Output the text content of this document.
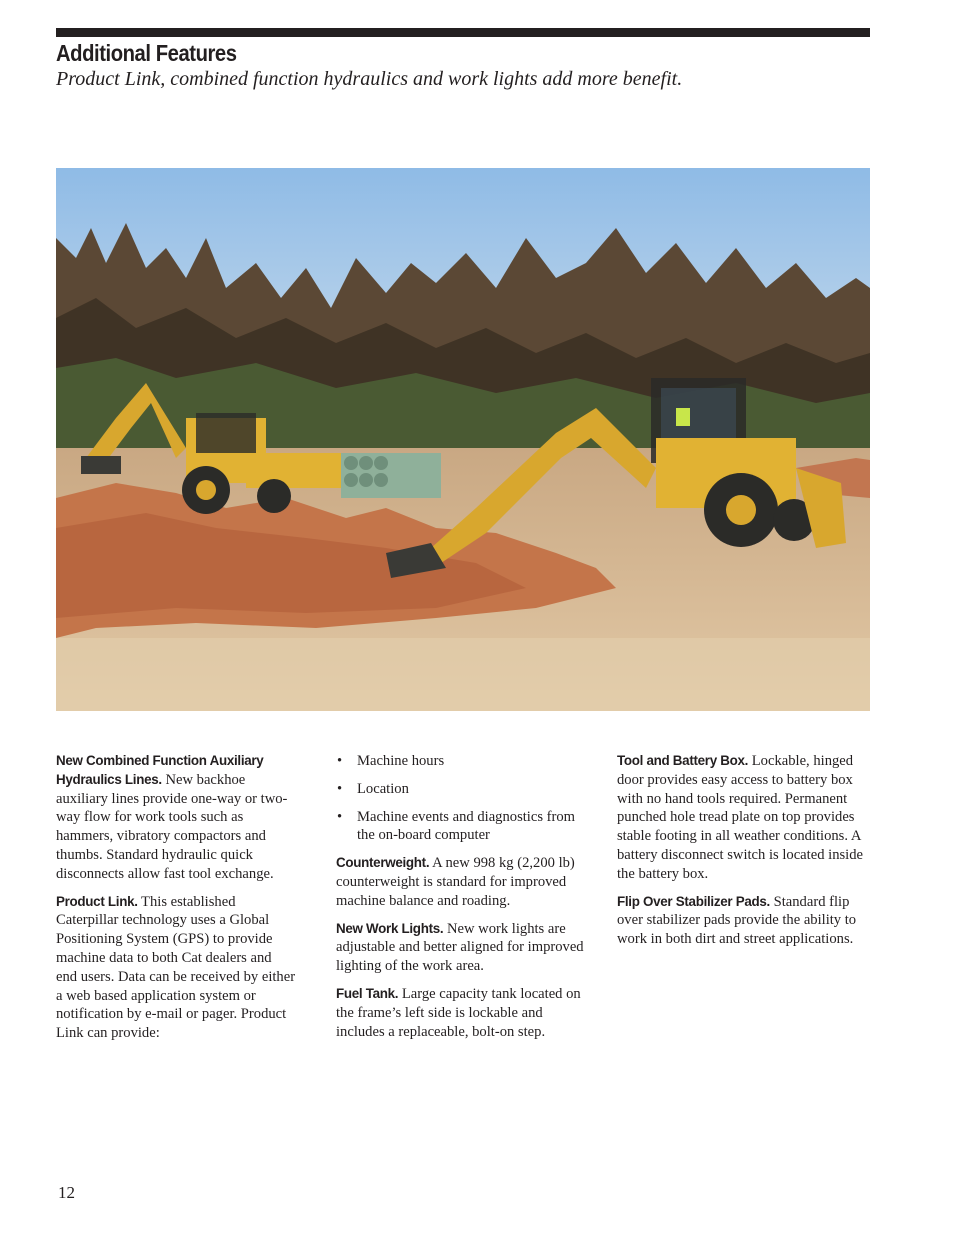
Additional Features

Product Link, combined function hydraulics and work lights add more benefit.

New Combined Function Auxiliary Hydraulics Lines. New backhoe auxiliary lines provide one-way or two-way flow for work tools such as hammers, vibratory compactors and thumbs. Standard hydraulic quick disconnects allow fast tool exchange.

Product Link. This established Caterpillar technology uses a Global Positioning System (GPS) to provide machine data to both Cat dealers and end users. Data can be received by either a web based application system or notification by e-mail or pager. Product Link can provide:

• Machine hours
• Location
• Machine events and diagnostics from the on-board computer

Counterweight. A new 998 kg (2,200 lb) counterweight is standard for improved machine balance and roading.

New Work Lights. New work lights are adjustable and better aligned for improved lighting of the work area.

Fuel Tank. Large capacity tank located on the frame’s left side is lockable and includes a replaceable, bolt-on step.

Tool and Battery Box. Lockable, hinged door provides easy access to battery box with no hand tools required. Permanent punched hole tread plate on top provides stable footing in all weather conditions. A battery disconnect switch is located inside the battery box.

Flip Over Stabilizer Pads. Standard flip over stabilizer pads provide the ability to work in both dirt and street applications.

12
